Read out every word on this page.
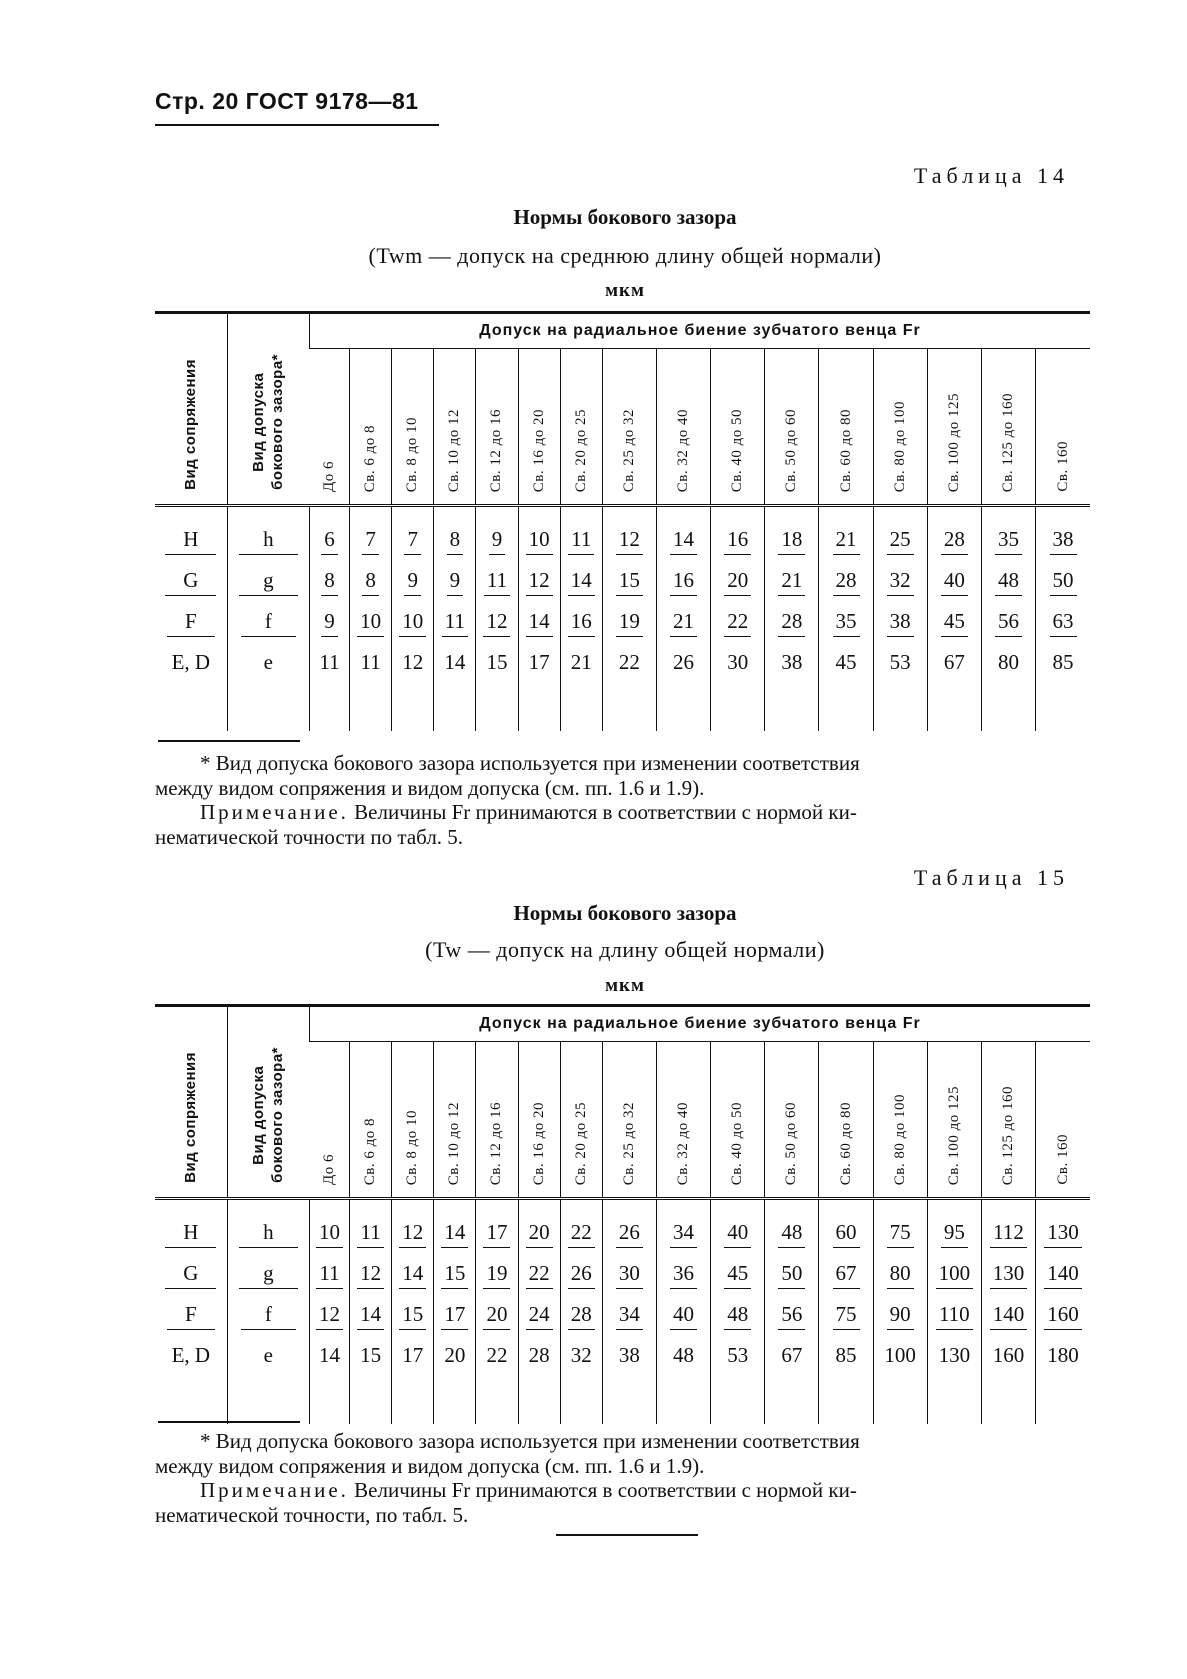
Стр. 20 ГОСТ 9178—81
Таблица 14
Нормы бокового зазора
(Twm — допуск на среднюю длину общей нормали)
мкм
Вид сопряжения	Вид допуска бокового зазора*	Допуск на радиальное биение зубчатого венца Fr															
		До 6	Св. 6 до 8	Св. 8 до 10	Св. 10 до 12	Св. 12 до 16	Св. 16 до 20	Св. 20 до 25	Св. 25 до 32	Св. 32 до 40	Св. 40 до 50	Св. 50 до 60	Св. 60 до 80	Св. 80 до 100	Св. 100 до 125	Св. 125 до 160	Св. 160

H	h	6	7	7	8	9	10	11	12	14	16	18	21	25	28	35	38
G	g	8	8	9	9	11	12	14	15	16	20	21	28	32	40	48	50
F	f	9	10	10	11	12	14	16	19	21	22	28	35	38	45	56	63
E, D	e	11	11	12	14	15	17	21	22	26	30	38	45	53	67	80	85

* Вид допуска бокового зазора используется при изменении соответствия
между видом сопряжения и видом допуска (см. пп. 1.6 и 1.9).
Примечание. Величины Fr принимаются в соответствии с нормой ки-
нематической точности по табл. 5.
Таблица 15
Нормы бокового зазора
(Tw — допуск на длину общей нормали)
мкм
Вид сопряжения	Вид допуска бокового зазора*	Допуск на радиальное биение зубчатого венца Fr															
		До 6	Св. 6 до 8	Св. 8 до 10	Св. 10 до 12	Св. 12 до 16	Св. 16 до 20	Св. 20 до 25	Св. 25 до 32	Св. 32 до 40	Св. 40 до 50	Св. 50 до 60	Св. 60 до 80	Св. 80 до 100	Св. 100 до 125	Св. 125 до 160	Св. 160

H	h	10	11	12	14	17	20	22	26	34	40	48	60	75	95	112	130
G	g	11	12	14	15	19	22	26	30	36	45	50	67	80	100	130	140
F	f	12	14	15	17	20	24	28	34	40	48	56	75	90	110	140	160
E, D	e	14	15	17	20	22	28	32	38	48	53	67	85	100	130	160	180

* Вид допуска бокового зазора используется при изменении соответствия
между видом сопряжения и видом допуска (см. пп. 1.6 и 1.9).
Примечание. Величины Fr принимаются в соответствии с нормой ки-
нематической точности, по табл. 5.
